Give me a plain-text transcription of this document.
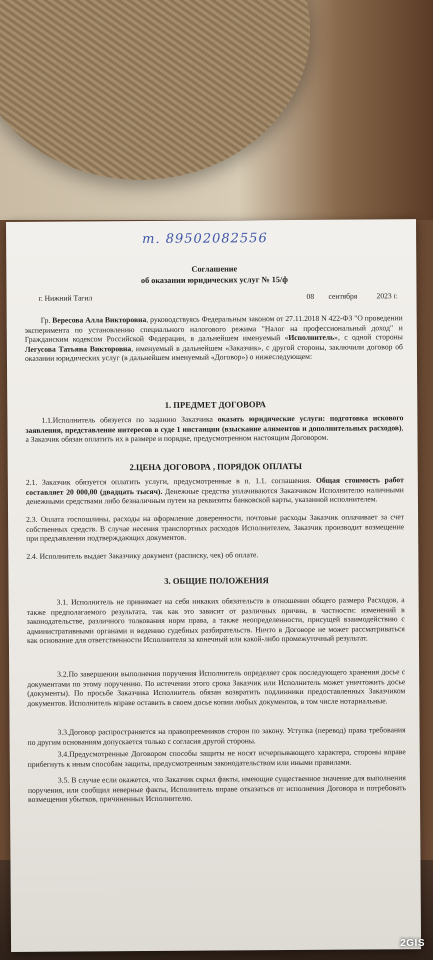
т. 89502082556
Соглашение
об оказании юридических услуг № 15/ф
г. Нижний Тагил	08 сентября	2023 г.
Гр. Вересова Алла Викторовна, руководствуясь Федеральным законом от 27.11.2018 N 422-ФЗ "О проведении эксперимента по установлению специального налогового режима "Налог на профессиональный доход" и Гражданским кодексом Российской Федерации, в дальнейшем именуемый «Исполнитель», с одной стороны Легусова Татьяна Викторовна, именуемый в дальнейшем «Заказчик», с другой стороны, заключили договор об оказании юридических услуг (в дальнейшем именуемый «Договор») о нижеследующем:
1. ПРЕДМЕТ ДОГОВОРА
1.1.Исполнитель обязуется по заданию Заказчика оказать юридические услуги: подготовка искового заявления, представление интересов в суде 1 инстанции (взыскание алиментов и дополнительных расходов), а Заказчик обязан оплатить их в размере и порядке, предусмотренном настоящим Договором.
2.ЦЕНА ДОГОВОРА , ПОРЯДОК ОПЛАТЫ
2.1. Заказчик обязуется оплатить услуги, предусмотренные в п. 1.1. соглашения. Общая стоимость работ составляет 20 000,00 (двадцать тысяч). Денежные средства уплачиваются Заказчиком Исполнителю наличными денежными средствами либо безналичным путем на реквизиты банковской карты, указанной исполнителем.
2.3. Оплата госпошлины, расходы на оформление доверенности, почтовые расходы Заказчик оплачивает за счет собственных средств. В случае несения транспортных расходов Исполнителем, Заказчик производит возмещение при предъявлении подтверждающих документов.
2.4. Исполнитель выдает Заказчику документ (расписку, чек) об оплате.
3. ОБЩИЕ ПОЛОЖЕНИЯ
3.1. Исполнитель не принимает на себя никаких обязательств в отношении общего размера Расходов, а также предполагаемого результата, так как это зависит от различных причин, в частности: изменений в законодательстве, различного толкования норм права, а также неопределенности, присущей взаимодействию с административными органами и ведению судебных разбирательств. Ничто в Договоре не может рассматриваться как основание для ответственности Исполнителя за конечный или какой-либо промежуточный результат.
3.2.По завершении выполнения поручения Исполнитель определяет срок последующего хранения досье с документами по этому поручению. По истечении этого срока Заказчик или Исполнитель может уничтожить досье (документы). По просьбе Заказчика Исполнитель обязан возвратить подлинники предоставленных Заказчиком документов. Исполнитель вправе оставить в своем досье копии любых документов, в том числе нотариальные.
3.3.Договор распространяется на правопреемников сторон по закону. Уступка (перевод) права требования по другим основаниям допускается только с согласия другой стороны.
3.4.Предусмотренные Договором способы защиты не носят исчерпывающего характера, стороны вправе прибегнуть к иным способам защиты, предусмотренным законодательством или иными правилами.
3.5. В случае если окажется, что Заказчик скрыл факты, имеющие существенное значение для выполнения поручения, или сообщил неверные факты, Исполнитель вправе отказаться от исполнения Договора и потребовать возмещения убытков, причиненных Исполнителю.
2GIS
